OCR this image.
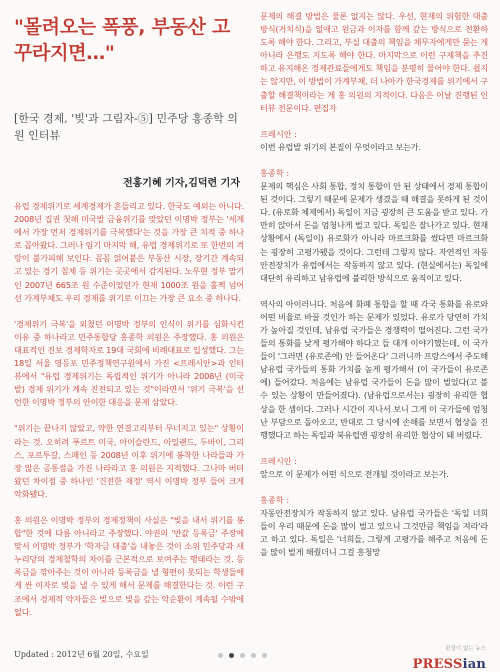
"몰려오는 폭풍, 부동산 고 꾸라지면…"
[한국 경제, '빚'과 그림자-⑤] 민주당 홍종학 의원 인터뷰
전홍기혜 기자,김덕련 기자

유럽 경제위기로 세계경제가 흔들리고 있다. 한국도 예외는 아니다. 2008년 집권 첫해 미국발 금융위기를 맞았던 이명박 정부는 '세계에서 가장 먼저 경제위기를 극복했다'는 것을 가장 큰 치적 중 하나로 꼽아왔다. 그러나 임기 마지막 해, 유럽 경제위기로 또 한번의 격랑이 불가피해 보인다. 꼼꼼 얽어붙은 부동산 시장, 장기간 계속되고 있는 경기 침체 등 위기는 곳곳에서 감지된다. 노무현 정부 말기인 2007년 665조 원 수준이었던가 현재 1000조 원을 훌쩍 넘어선 가계부채도 우리 경제를 위기로 이끄는 가장 큰 요소 중 하나다.

'경제위기 극복'을 외쳤던 이명박 정부의 인식이 위기를 심화시킨 이유 중 하나라고 민주통합당 홍종학 의원은 주장했다. 홍 의원은 대표적인 진보 경제학자로 19대 국회에 비례대표로 입성했다. 그는 18일 서울 영등포 민주정책연구원에서 가진 <프레시안>과 인터뷰에서 "유럽 경제위기는 독립적인 위기가 아니라 2008년 (미국발) 경제 위기가 계속 진전되고 있는 것"이라면서 '위기 극복'을 선언한 이명박 정부의 안이한 대응을 문제 삼았다.

"위기는 끝나지 않았고, 약한 연결고리부터 무너지고 있는" 상황이라는 것. 오히려 푸르트 미국, 아이슬란드, 아일랜드, 두바이, 그리스, 포르투갈, 스페인 등 2008년 이후 위기에 봉착한 나라들과 가장 많은 공통점을 가진 나라라고 홍 의원은 지적했다. 그나마 버텨왔던 차이점 중 하나인 '건전한 재정' 역시 이명박 정부 들어 크게 악화됐다.

홍 의원은 이명박 정부의 경제정책이 사실은 "빚을 내서 위기를 봉합"한 것에 다름 아니라고 주장했다. 야권의 '반값 등록금' 주장에 맞서 이명박 정부가 '학자금 대출'을 내놓은 것이 소위 민주당과 새누리당의 경제철학의 차이를 근본적으로 보여주는 행태라는 것. 등록금을 깎아주는 것이 아니라 등록금을 낼 형편이 못되는 학생들에게 싼 이자로 빚을 낼 수 있게 해서 문제를 해결한다는 것. 이런 구조에서 경제적 약자들은 빚으로 빚을 갚는 악순환이 계속될 수밖에 없다.

문제의 해결 방법은 물론 없지는 않다. 우선, 현재의 위험한 대출 방식(거치식)을 없애고 원금과 이자를 함께 갚는 방식으로 전환하도록 해야 한다. 그리고, 부실 대출의 책임을 채무자에게만 묻는 게 아니라 은행도 지도록 해야 한다. 마지막으로 이런 구제책을 추진하고 유지해온 경제관료들에게도 책임을 분명히 물어야 한다. 쉽지는 않지만, 이 방법이 가계부채, 더 나아가 한국경제를 위기에서 구출할 해결책이라는 게 홍 의원의 지적이다. 다음은 이날 진행된 인터뷰 전문이다. 편집자

프레시안 :

이번 유럽발 위기의 본질이 무엇이라고 보는가.

홍종학 :

문제의 핵심은 사회 통합, 정치 통합이 안 된 상태에서 경제 통합이 된 것이다. 그렇기 때문에 문제가 생겼을 때 해결을 못하게 된 것이다. (유로화 체제에서) 독일이 지금 굉장히 큰 도움을 받고 있다. 가만히 앉아서 돈을 엄청나게 벌고 있다. 독일은 잘나가고 있다. 현재 상황에서 (독일이) 유로화가 아니라 마르크화를 썼다면 마르크화는 굉장히 고평가됐을 것이다. 그런데 그렇지 않다. 자연적인 자동안전장치가 유럽에서는 작동하지 않고 있다. (현실에서는) 독일에 대단히 유리하고 남유럽에 불리한 방식으로 움직이고 있다.

역사의 아이러니다. 처음에 화폐 통합을 할 때 각국 통화를 유로와 어떤 비율로 바꿀 것인가 하는 문제가 있었다. 유로가 당연히 가치가 높아질 것인데, 남유럽 국가들은 경쟁력이 떨어진다. 그런 국가들의 통화를 낮게 평가해야 하다고 들 대개 이야기했는데, 이 국가들이 '그러면 (유로존에) 안 들어온다' 그러니까 프랑스에서 주도해 남유럽 국가들의 통화 가치를 높게 평가해서 (이 국가들이 유로존에) 들어갔다. 처음에는 남유럽 국가들이 돈을 많이 벌었다(고 볼 수 있는 상황이 만들어졌다). (남유럽으로서는) 굉장히 유리한 협상을 한 셈이다. 그러나 시간이 지나서 보니 그게 이 국가들에 엄청난 부담으로 돌아오고, 반대로 그 당시에 손해를 보면서 협상을 진행했다고 하는 독일과 북유럽엔 굉장히 유리한 협상이 돼 버렸다.

프레시안 :

앞으로 이 문제가 어떤 식으로 전개될 것이라고 보는가.

홍종학 :

자동안전장치가 작동하지 않고 있다. 남유럽 국가들은 '독일 너희들이 우리 때문에 돈을 많이 벌고 있으니 그것만큼 책임을 져라'라고 하고 있다. 독일은 '너희들, 그렇게 고평가를 해주고 처음에 돈을 많이 벌게 해줬더니 그걸 흥청망

Updated : 2012년 6월 20일, 수요일
판결이 없는 뉴스
PRESSian
